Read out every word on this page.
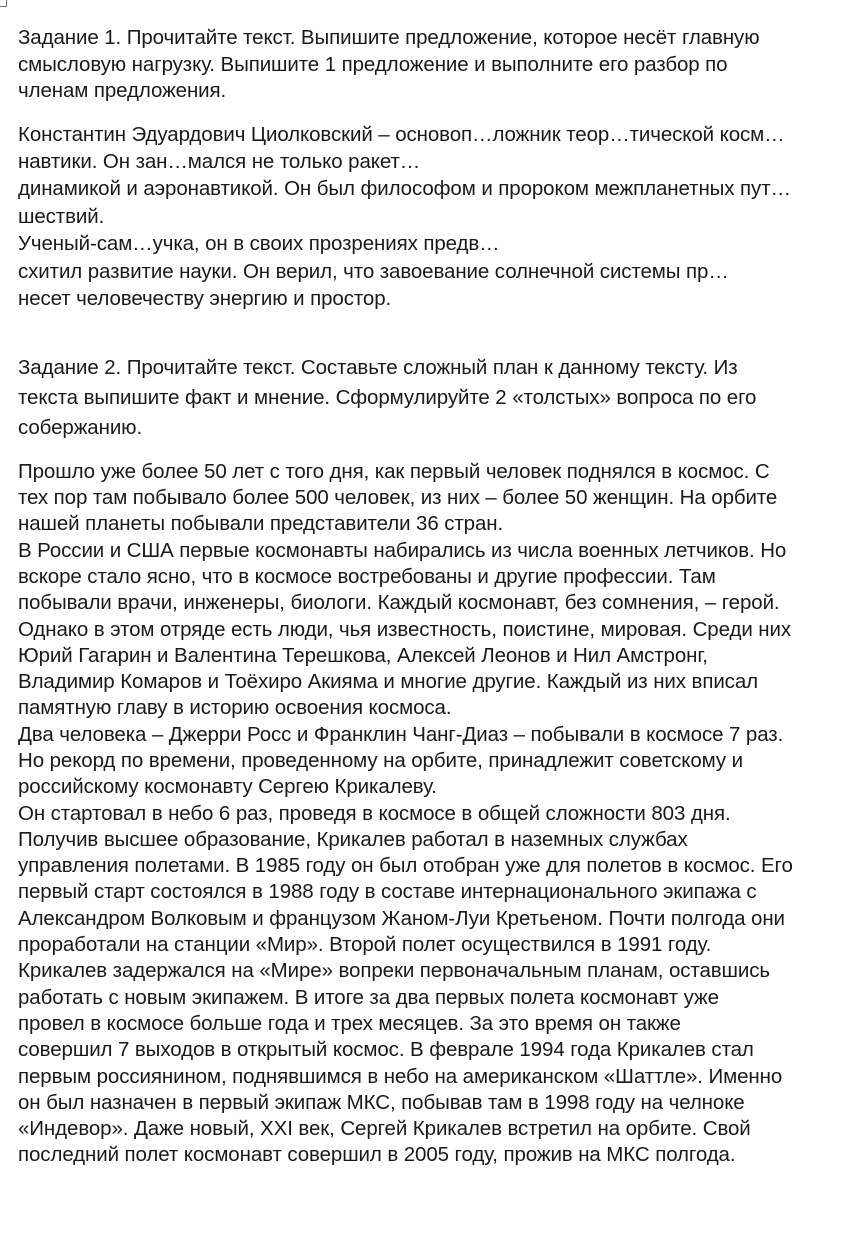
Задание 1. Прочитайте текст. Выпишите предложение, которое несёт главную
смысловую нагрузку. Выпишите 1 предложение и выполните его разбор по
членам предложения.
Константин Эдуардович Циолковский – основоп…ложник теор…тической косм…
навтики. Он зан…мался не только ракет…
динамикой и аэронавтикой. Он был философом и пророком межпланетных пут…
шествий.
Ученый-сам…учка, он в своих прозрениях предв…
схитил развитие науки. Он верил, что завоевание солнечной системы пр…
несет человечеству энергию и простор.
Задание 2. Прочитайте текст. Составьте сложный план к данному тексту. Из
текста выпишите факт и мнение. Сформулируйте 2 «толстых» вопроса по его
собержанию.
Прошло уже более 50 лет с того дня, как первый человек поднялся в космос. С
тех пор там побывало более 500 человек, из них – более 50 женщин. На орбите
нашей планеты побывали представители 36 стран.
В России и США первые космонавты набирались из числа военных летчиков. Но
вскоре стало ясно, что в космосе востребованы и другие профессии. Там
побывали врачи, инженеры, биологи. Каждый космонавт, без сомнения, – герой.
Однако в этом отряде есть люди, чья известность, поистине, мировая. Среди них
Юрий Гагарин и Валентина Терешкова, Алексей Леонов и Нил Амстронг,
Владимир Комаров и Тоёхиро Акияма и многие другие. Каждый из них вписал
памятную главу в историю освоения космоса.
Два человека – Джерри Росс и Франклин Чанг-Диаз – побывали в космосе 7 раз.
Но рекорд по времени, проведенному на орбите, принадлежит советскому и
российскому космонавту Сергею Крикалеву.
Он стартовал в небо 6 раз, проведя в космосе в общей сложности 803 дня.
Получив высшее образование, Крикалев работал в наземных службах
управления полетами. В 1985 году он был отобран уже для полетов в космос. Его
первый старт состоялся в 1988 году в составе интернационального экипажа с
Александром Волковым и французом Жаном-Луи Кретьеном. Почти полгода они
проработали на станции «Мир». Второй полет осуществился в 1991 году.
Крикалев задержался на «Мире» вопреки первоначальным планам, оставшись
работать с новым экипажем. В итоге за два первых полета космонавт уже
провел в космосе больше года и трех месяцев. За это время он также
совершил 7 выходов в открытый космос. В феврале 1994 года Крикалев стал
первым россиянином, поднявшимся в небо на американском «Шаттле». Именно
он был назначен в первый экипаж МКС, побывав там в 1998 году на челноке
«Индевор». Даже новый, XXI век, Сергей Крикалев встретил на орбите. Свой
последний полет космонавт совершил в 2005 году, прожив на МКС полгода.
